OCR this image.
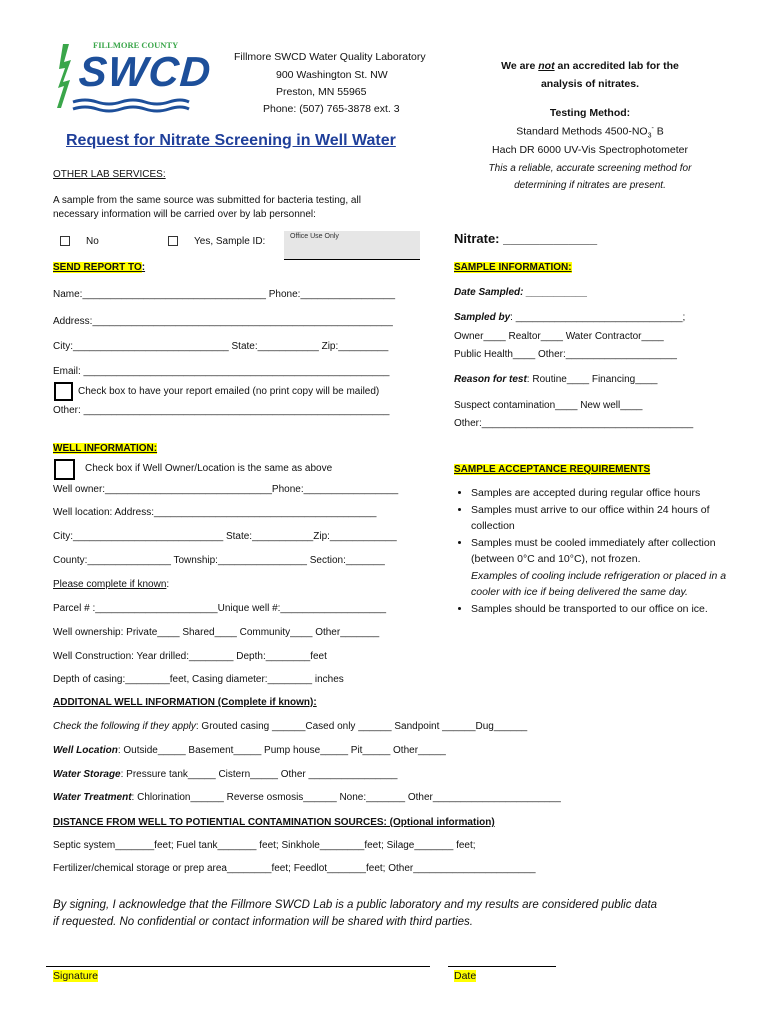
FILLMORE COUNTY
SWCD Fillmore SWCD Water Quality Laboratory
900 Washington St. NW
Preston, MN 55965
Phone: (507) 765-3878 ext. 3
We are not an accredited lab for the
analysis of nitrates.
Testing Method:
Standard Methods $4500-NO_3^-$ B
Hach DR 6000 UV-Vis Spectrophotometer
This a reliable, accurate screening method for
determining if nitrates are present.
Request for Nitrate Screening in Well Water
OTHER LAB SERVICES:
A sample from the same source was submitted for bacteria testing, all
necessary information will be carried over by lab personnel:
No	Yes, Sample ID:	Office Use Only	Nitrate: _____________
SEND REPORT TO:
Name:_________________________________ Phone:_________________
Address:______________________________________________________
City:____________________________ State:___________ Zip:_________
Email: _______________________________________________________
Check box to have your report emailed (no print copy will be mailed)
Other: _______________________________________________________
SAMPLE INFORMATION:
Date Sampled: ___________
Sampled by: ______________________________;
Owner____ Realtor____ Water Contractor____
Public Health____ Other:____________________
Reason for test: Routine____ Financing____
Suspect contamination____ New well____
Other:______________________________________
WELL INFORMATION:
Check box if Well Owner/Location is the same as above
Well owner:______________________________Phone:_________________
Well location: Address:________________________________________
City:___________________________ State:___________Zip:____________
County:_______________ Township:________________ Section:_______
Please complete if known:
Parcel # :______________________Unique well #:___________________
Well ownership: Private____ Shared____ Community____ Other_______
Well Construction: Year drilled:________ Depth:________feet
Depth of casing:________feet, Casing diameter:________ inches
SAMPLE ACCEPTANCE REQUIREMENTS
• Samples are accepted during regular office hours
• Samples must arrive to our office within 24 hours of collection
• Samples must be cooled immediately after collection (between 0°C and 10°C), not frozen.
Examples of cooling include refrigeration or placed in a cooler with ice if being delivered the same day.
• Samples should be transported to our office on ice.
ADDITONAL WELL INFORMATION (Complete if known):
Check the following if they apply: Grouted casing ______Cased only ______ Sandpoint ______Dug______
Well Location: Outside_____ Basement_____ Pump house_____ Pit_____ Other_____
Water Storage: Pressure tank_____ Cistern_____ Other ________________
Water Treatment: Chlorination______ Reverse osmosis______ None:_______ Other_______________________
DISTANCE FROM WELL TO POTIENTIAL CONTAMINATION SOURCES: (Optional information)
Septic system_______feet; Fuel tank_______ feet; Sinkhole________feet; Silage_______ feet;
Fertilizer/chemical storage or prep area________feet; Feedlot_______feet; Other______________________
By signing, I acknowledge that the Fillmore SWCD Lab is a public laboratory and my results are considered public data
if requested. No confidential or contact information will be shared with third parties.
Signature	Date
